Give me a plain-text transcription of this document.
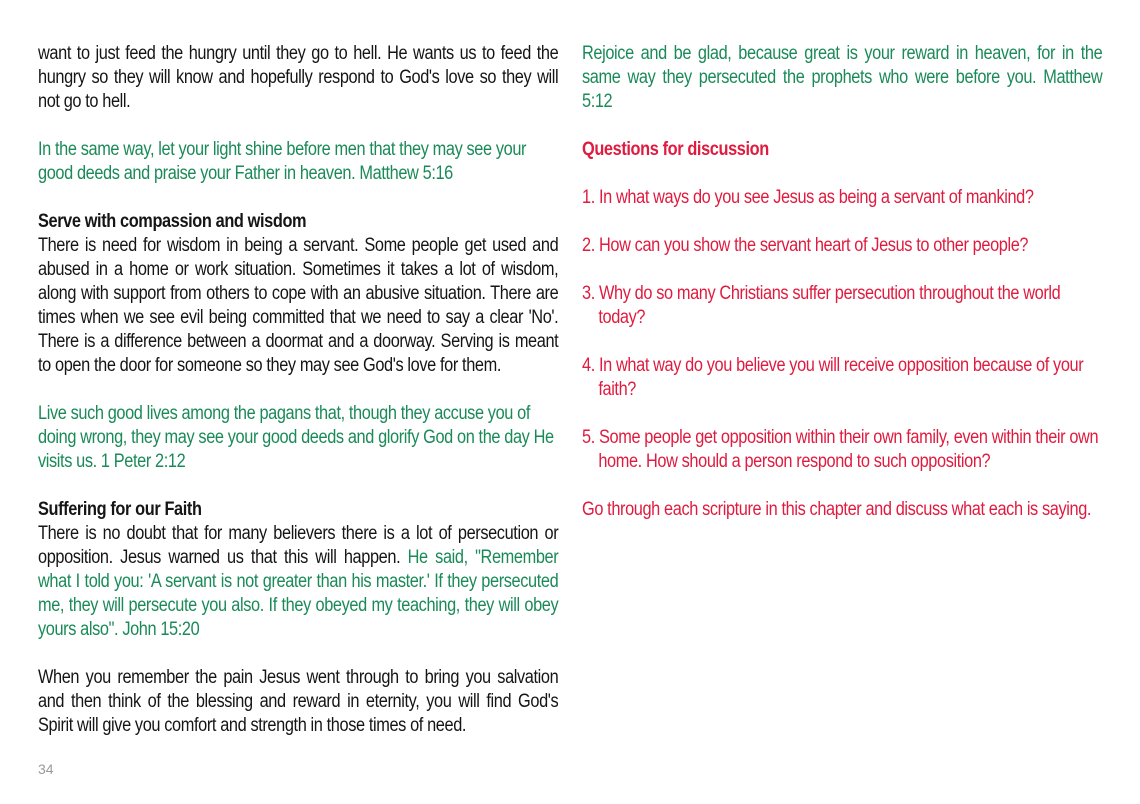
want to just feed the hungry until they go to hell. He wants us to feed the hungry so they will know and hopefully respond to God's love so they will not go to hell.

In the same way, let your light shine before men that they may see your good deeds and praise your Father in heaven. Matthew 5:16

Serve with compassion and wisdom

There is need for wisdom in being a servant. Some people get used and abused in a home or work situation. Sometimes it takes a lot of wisdom, along with support from others to cope with an abusive situation. There are times when we see evil being committed that we need to say a clear 'No'. There is a difference between a doormat and a doorway. Serving is meant to open the door for someone so they may see God's love for them.

Live such good lives among the pagans that, though they accuse you of doing wrong, they may see your good deeds and glorify God on the day He visits us. 1 Peter 2:12

Suffering for our Faith

There is no doubt that for many believers there is a lot of persecution or opposition. Jesus warned us that this will happen. He said, "Remember what I told you: 'A servant is not greater than his master.' If they persecuted me, they will persecute you also. If they obeyed my teaching, they will obey yours also". John 15:20

When you remember the pain Jesus went through to bring you salvation and then think of the blessing and reward in eternity, you will find God's Spirit will give you comfort and strength in those times of need.

Rejoice and be glad, because great is your reward in heaven, for in the same way they persecuted the prophets who were before you. Matthew 5:12

Questions for discussion

1. In what ways do you see Jesus as being a servant of mankind?

2. How can you show the servant heart of Jesus to other people?

3. Why do so many Christians suffer persecution throughout the world today?

4. In what way do you believe you will receive opposition because of your faith?

5. Some people get opposition within their own family, even within their own home. How should a person respond to such opposition?

Go through each scripture in this chapter and discuss what each is saying.

34
